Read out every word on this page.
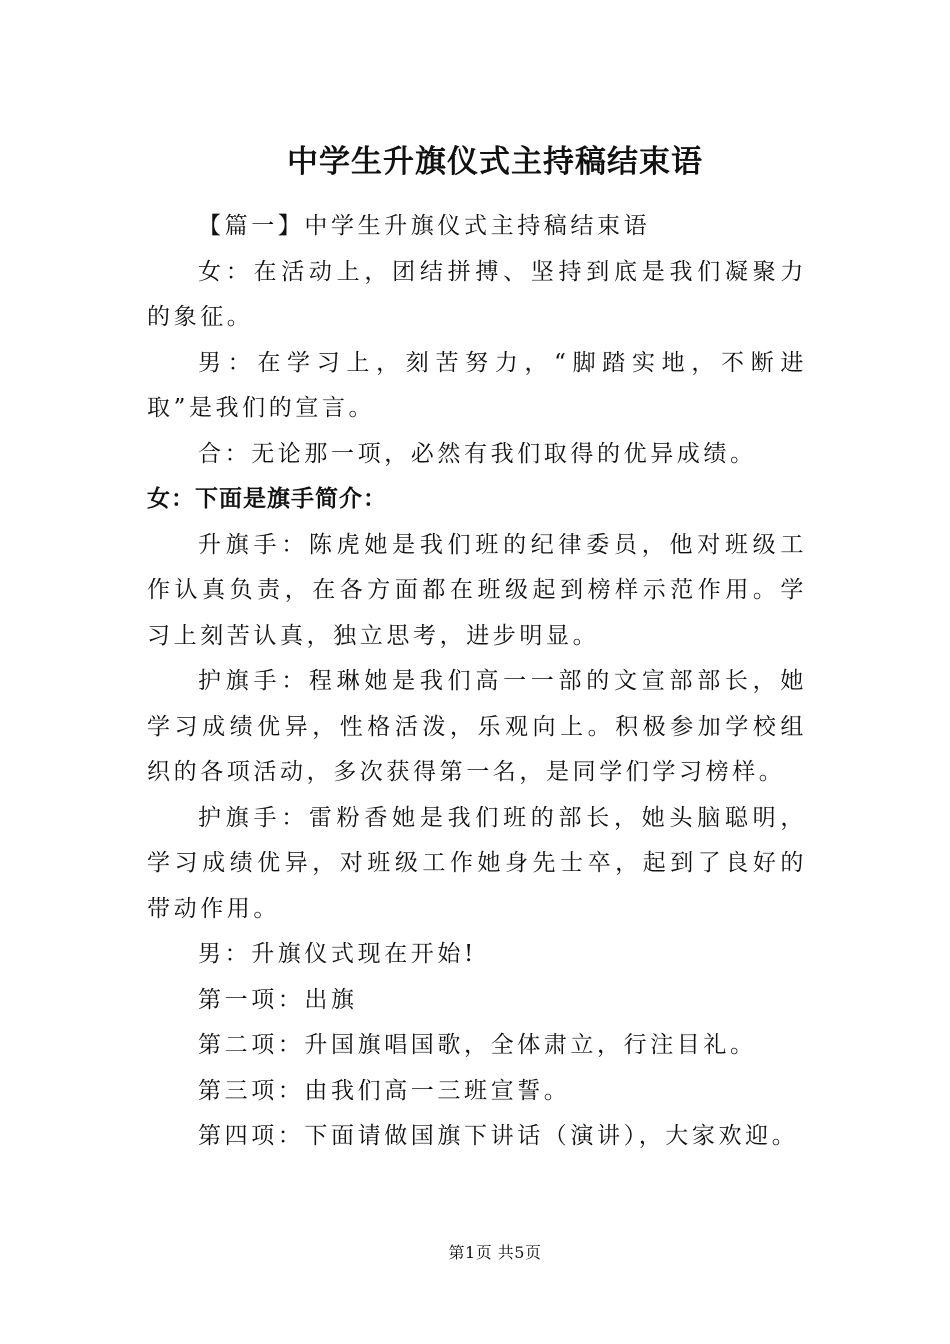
中学生升旗仪式主持稿结束语

【篇一】中学生升旗仪式主持稿结束语

女：在活动上，团结拼搏、坚持到底是我们凝聚力的象征。

男：在学习上，刻苦努力，“脚踏实地，不断进取”是我们的宣言。

合：无论那一项，必然有我们取得的优异成绩。

女：下面是旗手简介：

升旗手：陈虎她是我们班的纪律委员，他对班级工作认真负责，在各方面都在班级起到榜样示范作用。学习上刻苦认真，独立思考，进步明显。

护旗手：程琳她是我们高一一部的文宣部部长，她学习成绩优异，性格活泼，乐观向上。积极参加学校组织的各项活动，多次获得第一名，是同学们学习榜样。

护旗手：雷粉香她是我们班的部长，她头脑聪明，学习成绩优异，对班级工作她身先士卒，起到了良好的带动作用。

男：升旗仪式现在开始!

第一项：出旗

第二项：升国旗唱国歌，全体肃立，行注目礼。

第三项：由我们高一三班宣誓。

第四项：下面请做国旗下讲话（演讲），大家欢迎。

第1页 共5页
